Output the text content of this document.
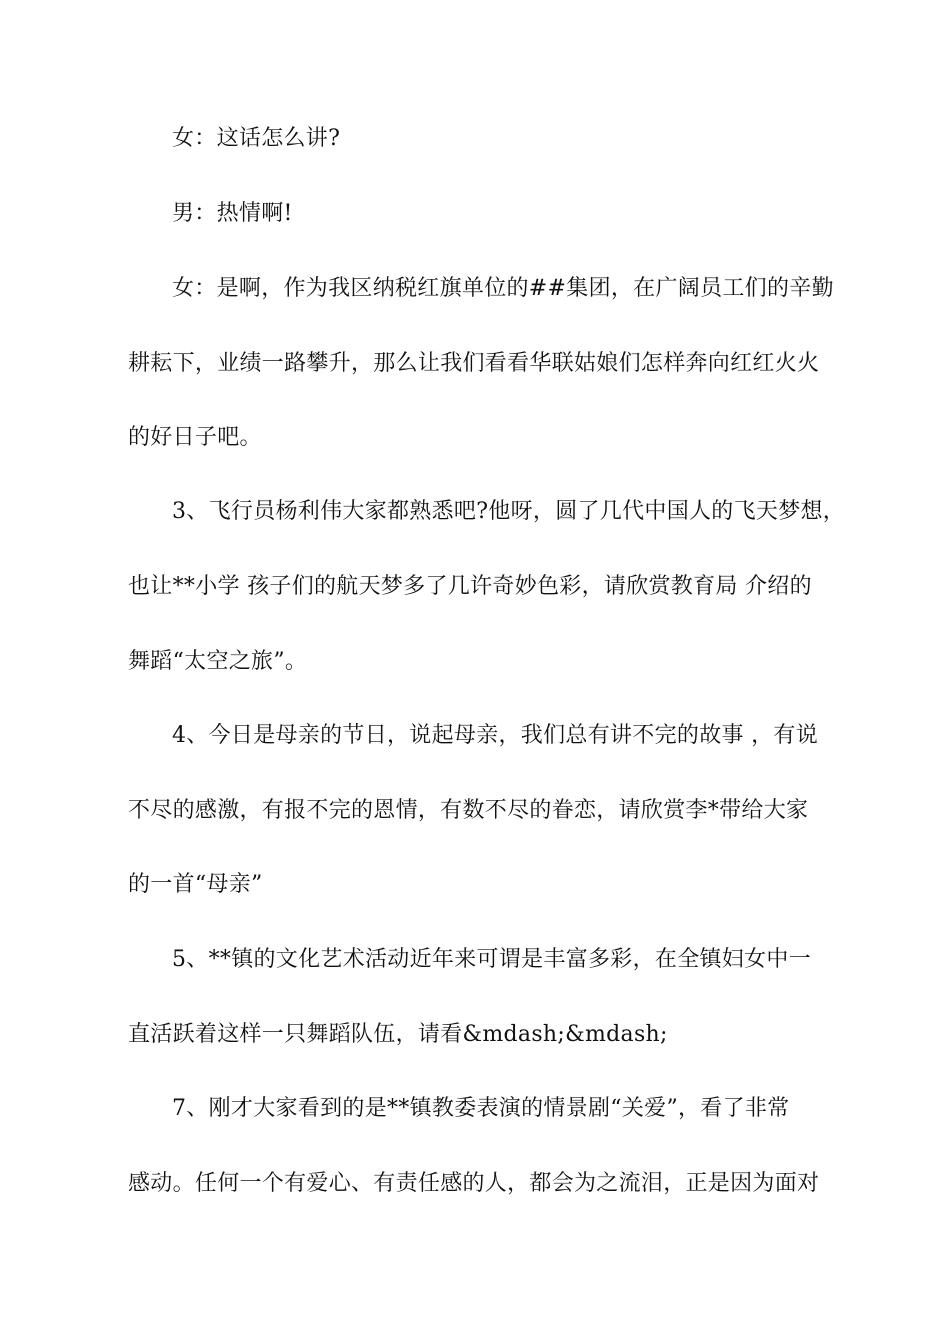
女：这话怎么讲?
男：热情啊!
女：是啊，作为我区纳税红旗单位的##集团，在广阔员工们的辛勤
耕耘下，业绩一路攀升，那么让我们看看华联姑娘们怎样奔向红红火火
的好日子吧。
3、飞行员杨利伟大家都熟悉吧?他呀，圆了几代中国人的飞天梦想，
也让**小学 孩子们的航天梦多了几许奇妙色彩，请欣赏教育局 介绍的
舞蹈“太空之旅”。
4、今日是母亲的节日，说起母亲，我们总有讲不完的故事 ，有说
不尽的感激，有报不完的恩情，有数不尽的眷恋，请欣赏李*带给大家
的一首“母亲”
5、**镇的文化艺术活动近年来可谓是丰富多彩，在全镇妇女中一
直活跃着这样一只舞蹈队伍，请看&mdash;&mdash;
7、刚才大家看到的是**镇教委表演的情景剧“关爱”，看了非常
感动。任何一个有爱心、有责任感的人，都会为之流泪，正是因为面对
